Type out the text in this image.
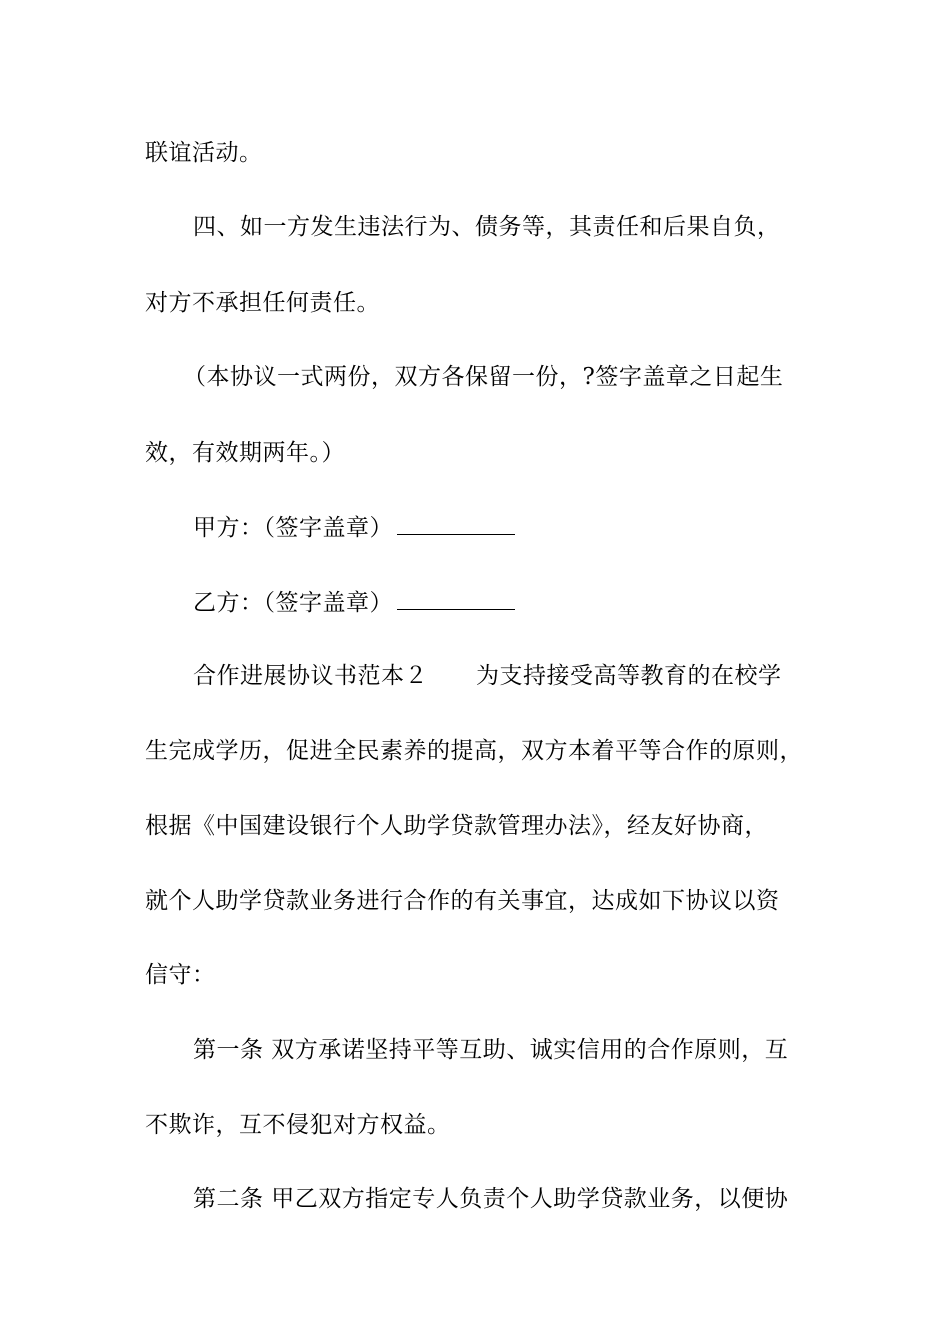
联谊活动。
四、如一方发生违法行为、债务等，其责任和后果自负，
对方不承担任何责任。
（本协议一式两份，双方各保留一份，?签字盖章之日起生
效，有效期两年。）
甲方：（签字盖章）
乙方：（签字盖章）
合作进展协议书范本２ 为支持接受高等教育的在校学
生完成学历，促进全民素养的提高，双方本着平等合作的原则，
根据《中国建设银行个人助学贷款管理办法》，经友好协商，
就个人助学贷款业务进行合作的有关事宜，达成如下协议以资
信守：
第一条 双方承诺坚持平等互助、诚实信用的合作原则，互
不欺诈，互不侵犯对方权益。
第二条 甲乙双方指定专人负责个人助学贷款业务，以便协
